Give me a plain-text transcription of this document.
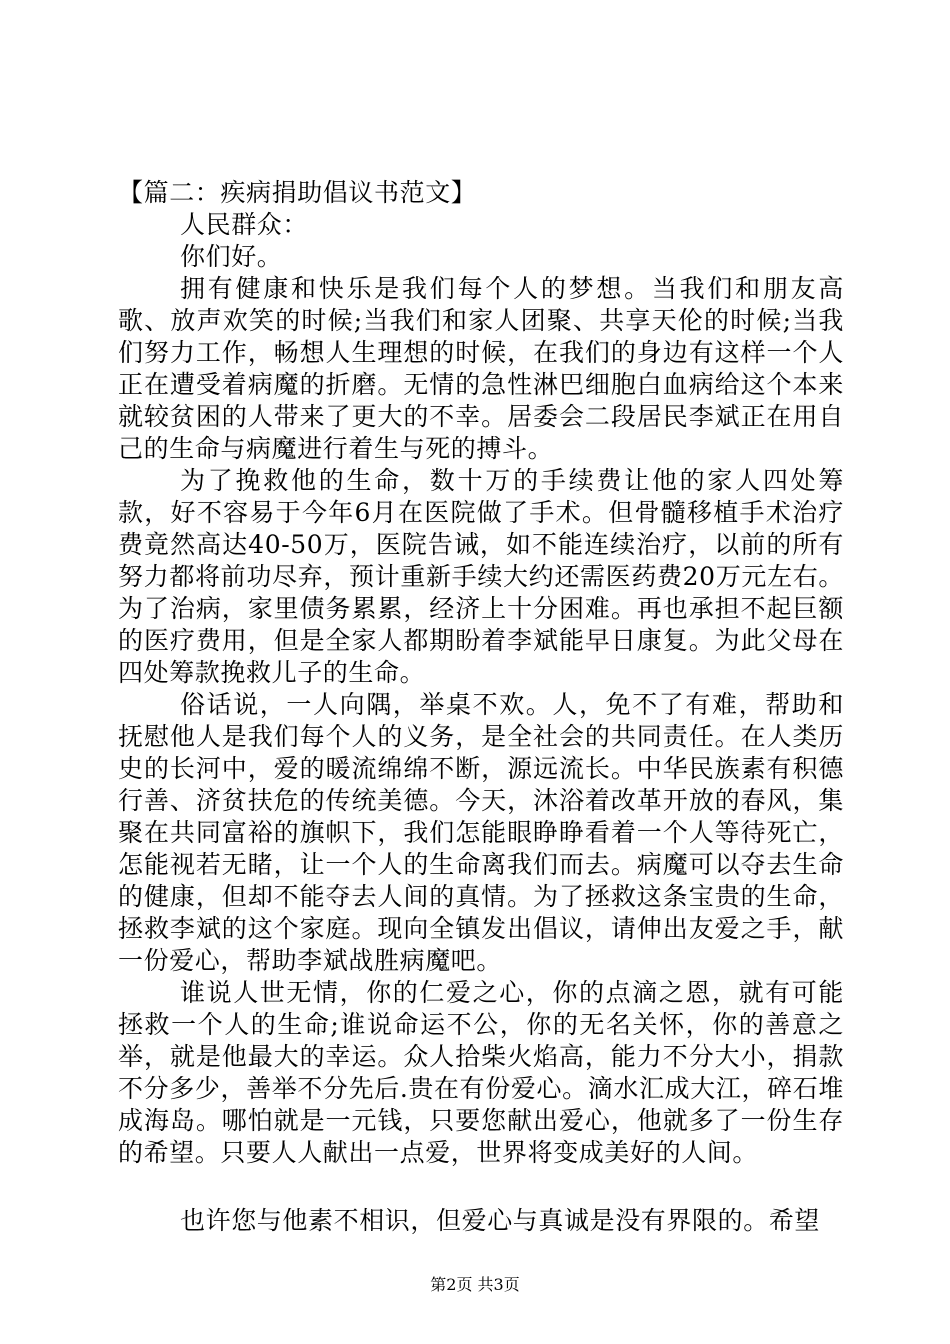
【篇二：疾病捐助倡议书范文】

人民群众：

你们好。

拥有健康和快乐是我们每个人的梦想。当我们和朋友高歌、放声欢笑的时候;当我们和家人团聚、共享天伦的时候;当我们努力工作，畅想人生理想的时候，在我们的身边有这样一个人正在遭受着病魔的折磨。无情的急性淋巴细胞白血病给这个本来就较贫困的人带来了更大的不幸。居委会二段居民李斌正在用自己的生命与病魔进行着生与死的搏斗。

为了挽救他的生命，数十万的手续费让他的家人四处筹款，好不容易于今年6月在医院做了手术。但骨髓移植手术治疗费竟然高达40-50万，医院告诫，如不能连续治疗，以前的所有努力都将前功尽弃，预计重新手续大约还需医药费20万元左右。为了治病，家里债务累累，经济上十分困难。再也承担不起巨额的医疗费用，但是全家人都期盼着李斌能早日康复。为此父母在四处筹款挽救儿子的生命。

俗话说，一人向隅，举桌不欢。人，免不了有难，帮助和抚慰他人是我们每个人的义务，是全社会的共同责任。在人类历史的长河中，爱的暖流绵绵不断，源远流长。中华民族素有积德行善、济贫扶危的传统美德。今天，沐浴着改革开放的春风，集聚在共同富裕的旗帜下，我们怎能眼睁睁看着一个人等待死亡，怎能视若无睹，让一个人的生命离我们而去。病魔可以夺去生命的健康，但却不能夺去人间的真情。为了拯救这条宝贵的生命，拯救李斌的这个家庭。现向全镇发出倡议，请伸出友爱之手，献一份爱心，帮助李斌战胜病魔吧。

谁说人世无情，你的仁爱之心，你的点滴之恩，就有可能拯救一个人的生命;谁说命运不公，你的无名关怀，你的善意之举，就是他最大的幸运。众人拾柴火焰高，能力不分大小，捐款不分多少，善举不分先后.贵在有份爱心。滴水汇成大江，碎石堆成海岛。哪怕就是一元钱，只要您献出爱心，他就多了一份生存的希望。只要人人献出一点爱，世界将变成美好的人间。

也许您与他素不相识，但爱心与真诚是没有界限的。希望

第2页 共3页
